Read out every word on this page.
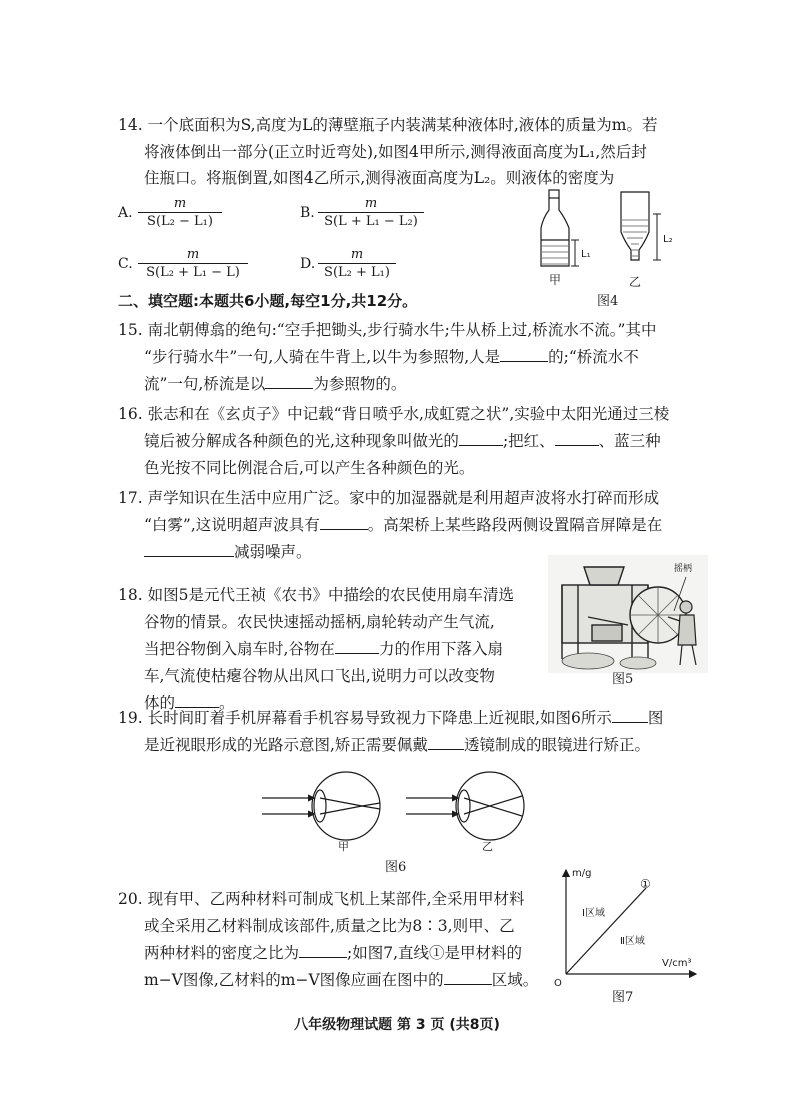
14. 一个底面积为S,高度为L的薄壁瓶子内装满某种液体时,液体的质量为m。若
将液体倒出一部分(正立时近弯处),如图4甲所示,测得液面高度为L₁,然后封
住瓶口。将瓶倒置,如图4乙所示,测得液面高度为L₂。则液体的密度为
A.
m
S(L₂ − L₁)
B.
m
S(L + L₁ − L₂)
C.
m
S(L₂ + L₁ − L)
D.
m
S(L₂ + L₁)
L₁
甲
L₂
乙
图4
二、填空题:本题共6小题,每空1分,共12分。
15. 南北朝傅翕的绝句:“空手把锄头,步行骑水牛;牛从桥上过,桥流水不流。”其中
“步行骑水牛”一句,人骑在牛背上,以牛为参照物,人是	的;“桥流水不
流”一句,桥流是以	为参照物的。
16. 张志和在《玄贞子》中记载“背日喷乎水,成虹霓之状”,实验中太阳光通过三棱
镜后被分解成各种颜色的光,这种现象叫做光的	;把红、	、蓝三种
色光按不同比例混合后,可以产生各种颜色的光。
17. 声学知识在生活中应用广泛。家中的加湿器就是利用超声波将水打碎而形成
“白雾”,这说明超声波具有	。高架桥上某些路段两侧设置隔音屏障是在
减弱噪声。
18. 如图5是元代王祯《农书》中描绘的农民使用扇车清选
谷物的情景。农民快速摇动摇柄,扇轮转动产生气流,
当把谷物倒入扇车时,谷物在	力的作用下落入扇
车,气流使枯瘪谷物从出风口飞出,说明力可以改变物
体的	。
摇柄
图5
19. 长时间盯着手机屏幕看手机容易导致视力下降患上近视眼,如图6所示 图
是近视眼形成的光路示意图,矫正需要佩戴 透镜制成的眼镜进行矫正。
甲	乙
图6
20. 现有甲、乙两种材料可制成飞机上某部件,全采用甲材料
或全采用乙材料制成该部件,质量之比为8∶3,则甲、乙
两种材料的密度之比为	;如图7,直线①是甲材料的
m−V图像,乙材料的m−V图像应画在图中的	区域。
m/g
V/cm³
O
①
Ⅰ区域
Ⅱ区域
图7
八年级物理试题 第 3 页 (共8页)
